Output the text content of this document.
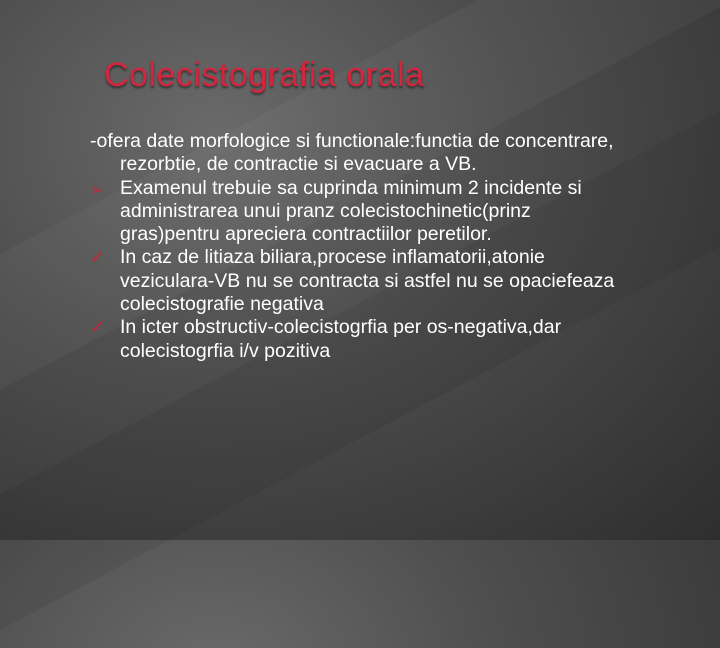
Colecistografia orala
-ofera date morfologice si functionale:functia de concentrare, rezorbtie, de contractie si evacuare a VB.
➢ Examenul trebuie sa cuprinda minimum 2 incidente si administrarea unui pranz colecistochinetic(prinz gras)pentru apreciera contractiilor peretilor.
✓ In caz de litiaza biliara,procese inflamatorii,atonie veziculara-VB nu se contracta si astfel nu se opaciefeaza colecistografie negativa
✓ In icter obstructiv-colecistogrfia per os-negativa,dar colecistogrfia i/v pozitiva
